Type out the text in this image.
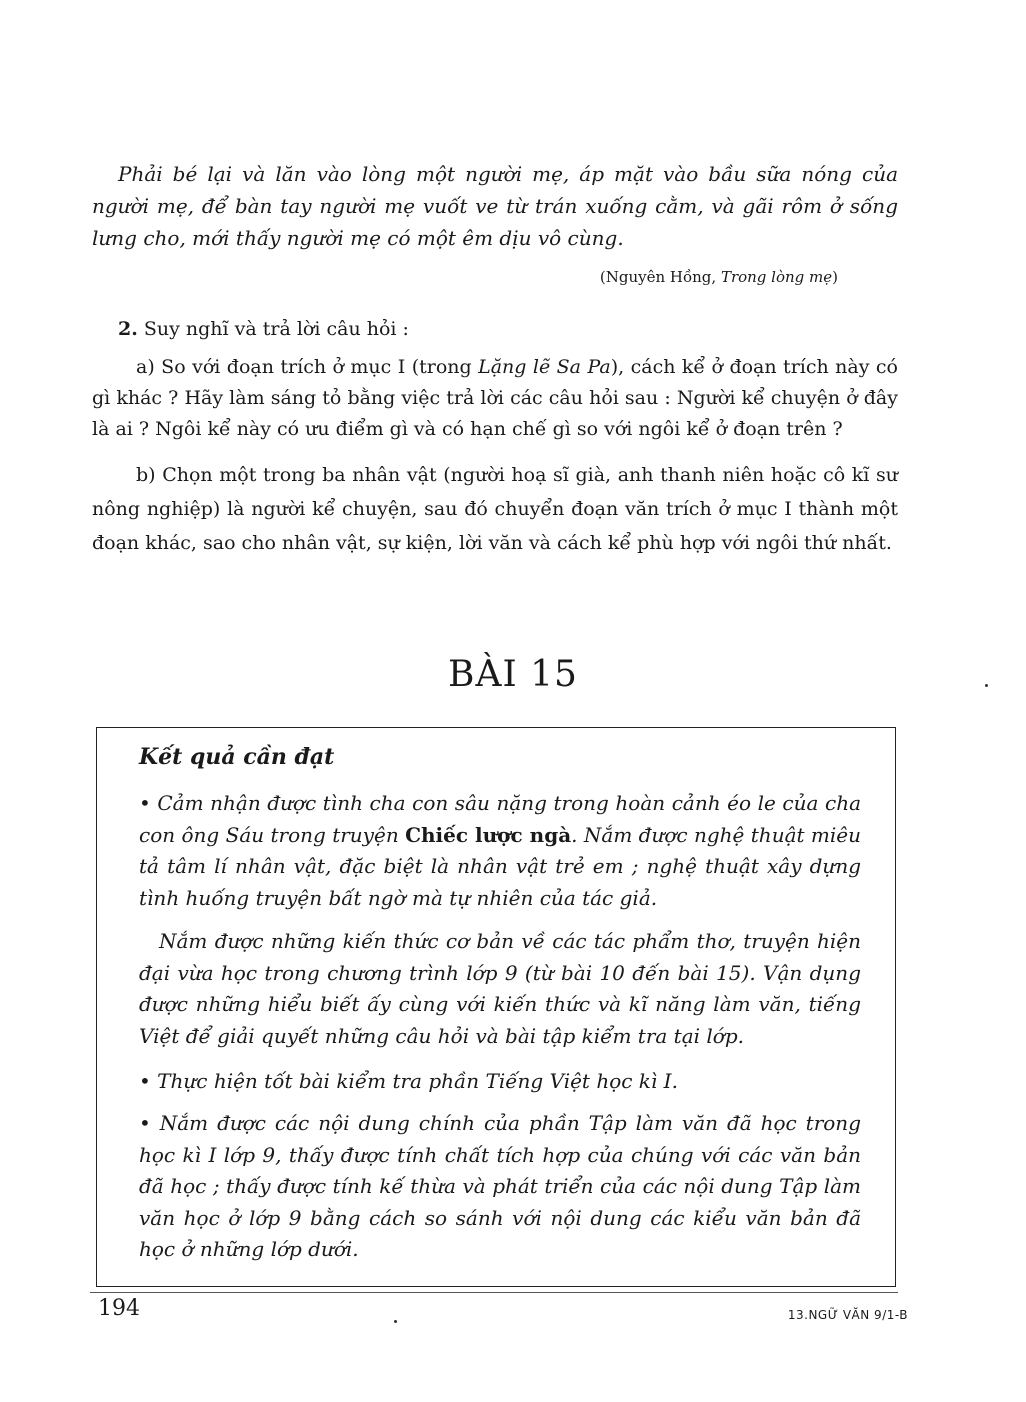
Phải bé lại và lăn vào lòng một người mẹ, áp mặt vào bầu sữa nóng của người mẹ, để bàn tay người mẹ vuốt ve từ trán xuống cằm, và gãi rôm ở sống lưng cho, mới thấy người mẹ có một êm dịu vô cùng.

(Nguyên Hồng, Trong lòng mẹ)

2. Suy nghĩ và trả lời câu hỏi :

a) So với đoạn trích ở mục I (trong Lặng lẽ Sa Pa), cách kể ở đoạn trích này có gì khác ? Hãy làm sáng tỏ bằng việc trả lời các câu hỏi sau : Người kể chuyện ở đây là ai ? Ngôi kể này có ưu điểm gì và có hạn chế gì so với ngôi kể ở đoạn trên ?

b) Chọn một trong ba nhân vật (người hoạ sĩ già, anh thanh niên hoặc cô kĩ sư nông nghiệp) là người kể chuyện, sau đó chuyển đoạn văn trích ở mục I thành một đoạn khác, sao cho nhân vật, sự kiện, lời văn và cách kể phù hợp với ngôi thứ nhất.

BÀI 15

Kết quả cần đạt

• Cảm nhận được tình cha con sâu nặng trong hoàn cảnh éo le của cha con ông Sáu trong truyện Chiếc lược ngà. Nắm được nghệ thuật miêu tả tâm lí nhân vật, đặc biệt là nhân vật trẻ em ; nghệ thuật xây dựng tình huống truyện bất ngờ mà tự nhiên của tác giả.

Nắm được những kiến thức cơ bản về các tác phẩm thơ, truyện hiện đại vừa học trong chương trình lớp 9 (từ bài 10 đến bài 15). Vận dụng được những hiểu biết ấy cùng với kiến thức và kĩ năng làm văn, tiếng Việt để giải quyết những câu hỏi và bài tập kiểm tra tại lớp.

• Thực hiện tốt bài kiểm tra phần Tiếng Việt học kì I.

• Nắm được các nội dung chính của phần Tập làm văn đã học trong học kì I lớp 9, thấy được tính chất tích hợp của chúng với các văn bản đã học ; thấy được tính kế thừa và phát triển của các nội dung Tập làm văn học ở lớp 9 bằng cách so sánh với nội dung các kiểu văn bản đã học ở những lớp dưới.

194	13.NGỮ VĂN 9/1-B
